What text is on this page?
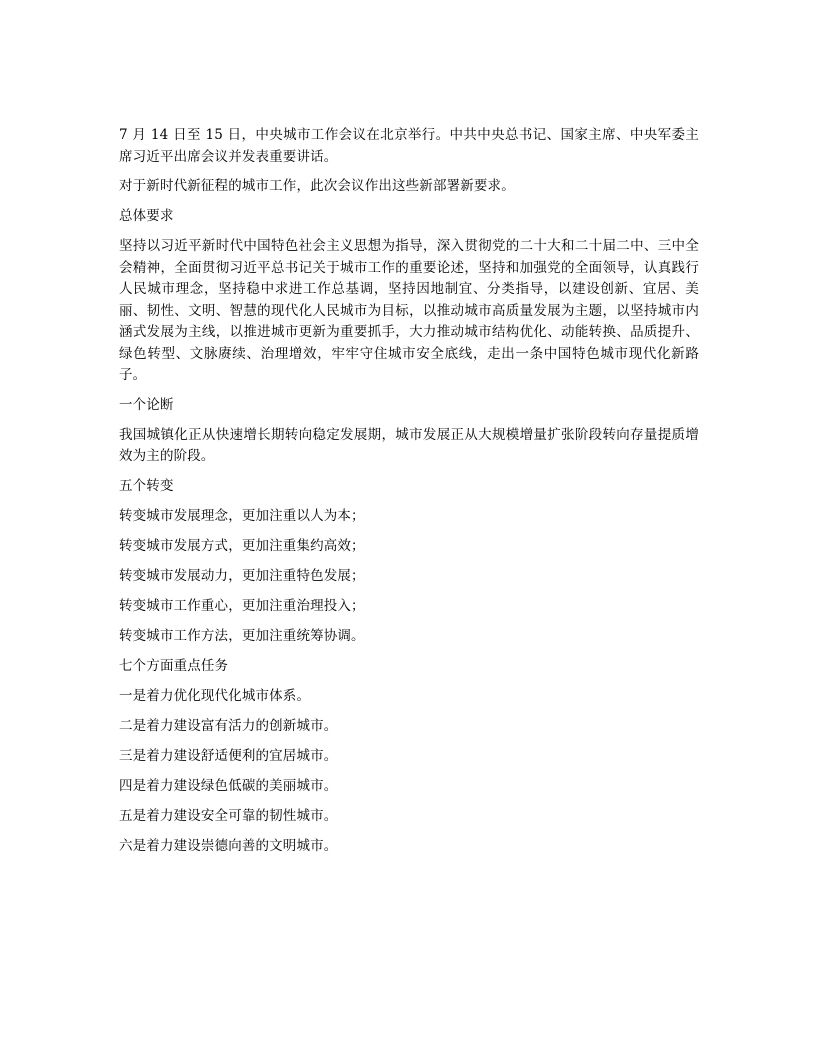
7 月 14 日至 15 日，中央城市工作会议在北京举行。中共中央总书记、国家主席、中央军委主席习近平出席会议并发表重要讲话。

对于新时代新征程的城市工作，此次会议作出这些新部署新要求。

总体要求

坚持以习近平新时代中国特色社会主义思想为指导，深入贯彻党的二十大和二十届二中、三中全会精神，全面贯彻习近平总书记关于城市工作的重要论述，坚持和加强党的全面领导，认真践行人民城市理念，坚持稳中求进工作总基调，坚持因地制宜、分类指导，以建设创新、宜居、美丽、韧性、文明、智慧的现代化人民城市为目标，以推动城市高质量发展为主题，以坚持城市内涵式发展为主线，以推进城市更新为重要抓手，大力推动城市结构优化、动能转换、品质提升、绿色转型、文脉赓续、治理增效，牢牢守住城市安全底线，走出一条中国特色城市现代化新路子。

一个论断

我国城镇化正从快速增长期转向稳定发展期，城市发展正从大规模增量扩张阶段转向存量提质增效为主的阶段。

五个转变

转变城市发展理念，更加注重以人为本；

转变城市发展方式，更加注重集约高效；

转变城市发展动力，更加注重特色发展；

转变城市工作重心，更加注重治理投入；

转变城市工作方法，更加注重统筹协调。

七个方面重点任务

一是着力优化现代化城市体系。

二是着力建设富有活力的创新城市。

三是着力建设舒适便利的宜居城市。

四是着力建设绿色低碳的美丽城市。

五是着力建设安全可靠的韧性城市。

六是着力建设崇德向善的文明城市。
